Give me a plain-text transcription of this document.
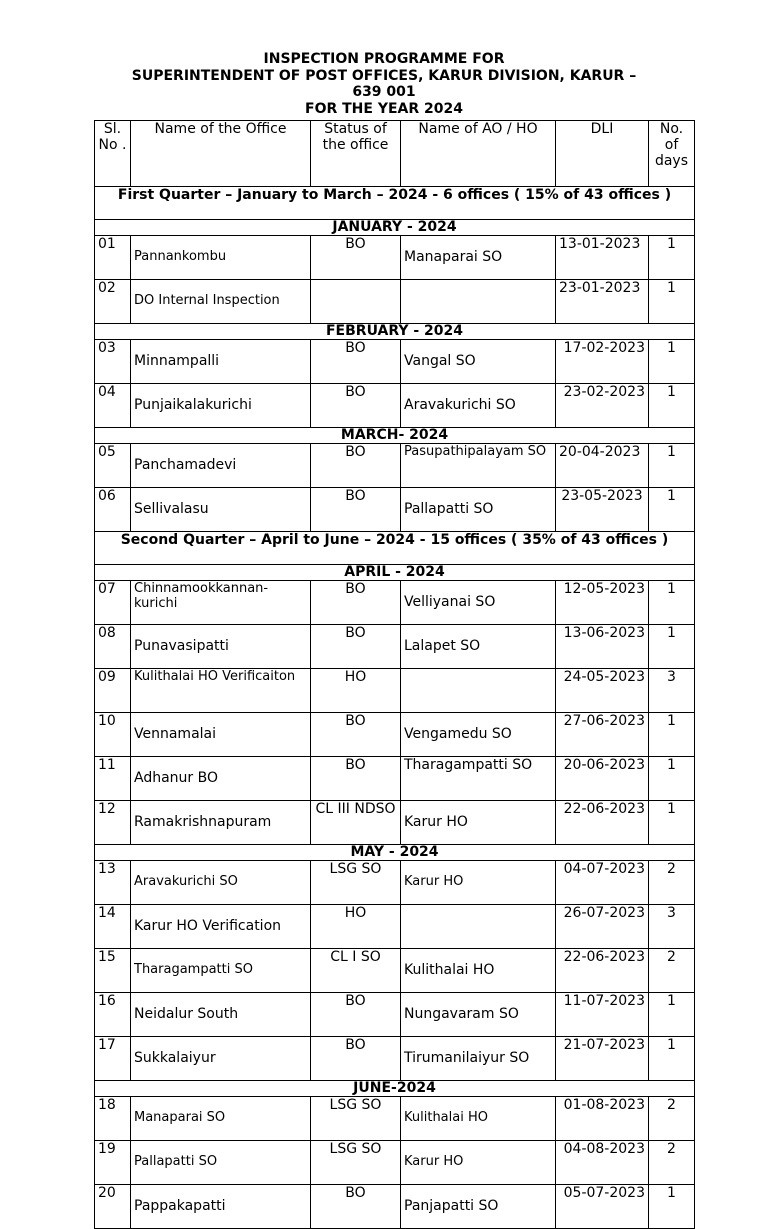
INSPECTION PROGRAMME FOR
SUPERINTENDENT OF POST OFFICES, KARUR DIVISION, KARUR –
639 001
FOR THE YEAR 2024
Sl. No .	Name of the Office	Status of the office	Name of AO / HO	DLI	No. of days
First Quarter – January to March – 2024 - 6 offices ( 15% of 43 offices )					
JANUARY - 2024					
01	Pannankombu	BO	Manaparai SO	13-01-2023	1
02	DO Internal Inspection			23-01-2023	1
FEBRUARY - 2024					
03	Minnampalli	BO	Vangal SO	17-02-2023	1
04	Punjaikalakurichi	BO	Aravakurichi SO	23-02-2023	1
MARCH- 2024					
05	Panchamadevi	BO	Pasupathipalayam SO	20-04-2023	1
06	Sellivalasu	BO	Pallapatti SO	23-05-2023	1
Second Quarter – April to June – 2024 - 15 offices ( 35% of 43 offices )					
APRIL - 2024					
07	Chinnamookkannan-kurichi	BO	Velliyanai SO	12-05-2023	1
08	Punavasipatti	BO	Lalapet SO	13-06-2023	1
09	Kulithalai HO Verificaiton	HO		24-05-2023	3
10	Vennamalai	BO	Vengamedu SO	27-06-2023	1
11	Adhanur BO	BO	Tharagampatti SO	20-06-2023	1
12	Ramakrishnapuram	CL III NDSO	Karur HO	22-06-2023	1
MAY - 2024					
13	Aravakurichi SO	LSG SO	Karur HO	04-07-2023	2
14	Karur HO Verification	HO		26-07-2023	3
15	Tharagampatti SO	CL I SO	Kulithalai HO	22-06-2023	2
16	Neidalur South	BO	Nungavaram SO	11-07-2023	1
17	Sukkalaiyur	BO	Tirumanilaiyur SO	21-07-2023	1
JUNE-2024					
18	Manaparai SO	LSG SO	Kulithalai HO	01-08-2023	2
19	Pallapatti SO	LSG SO	Karur HO	04-08-2023	2
20	Pappakapatti	BO	Panjapatti SO	05-07-2023	1
